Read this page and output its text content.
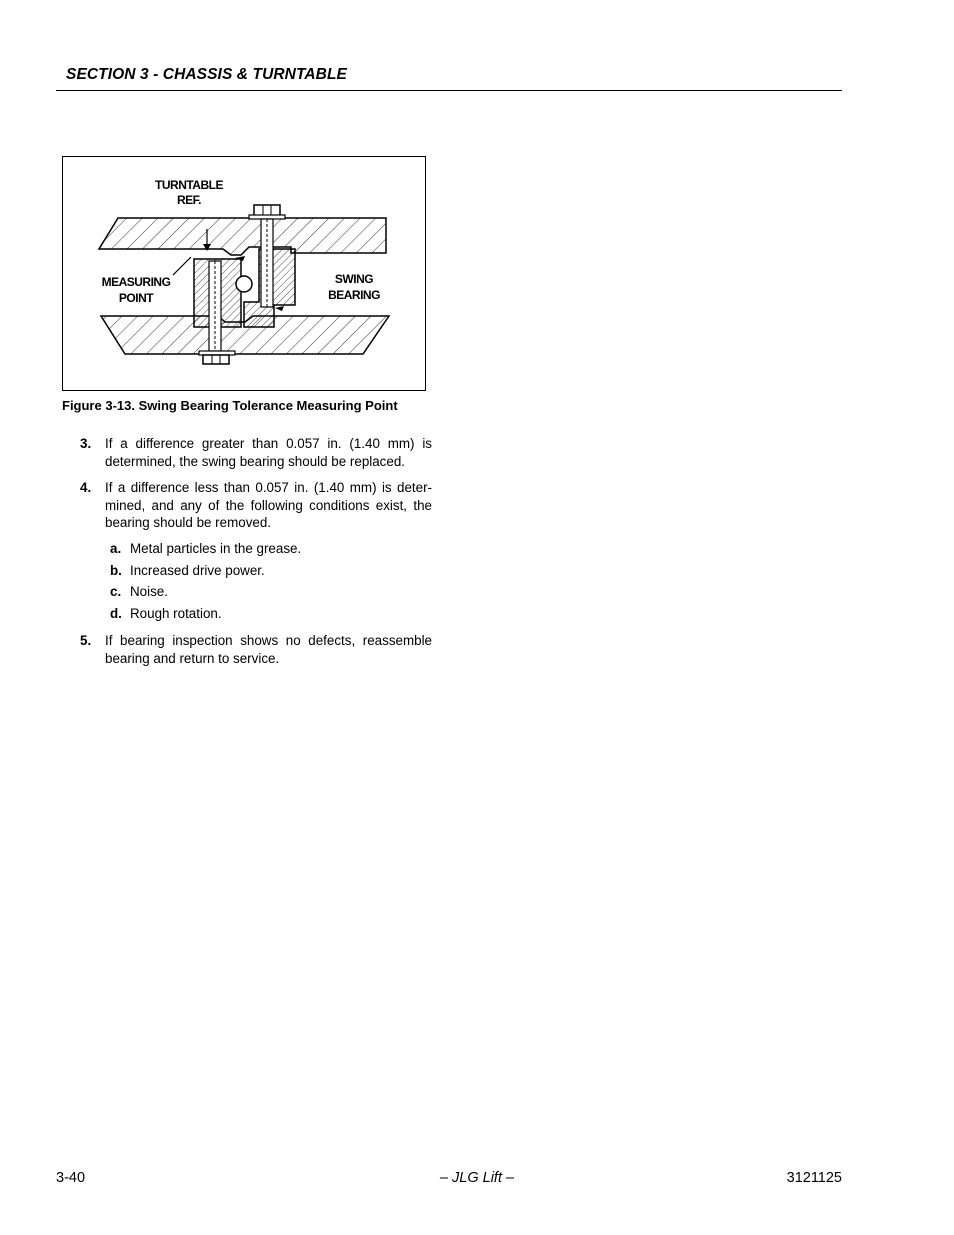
SECTION 3 - CHASSIS & TURNTABLE
TURNTABLE
REF.
MEASURING
POINT
SWING
BEARING
Figure 3-13. Swing Bearing Tolerance Measuring Point
3. If a difference greater than 0.057 in. (1.40 mm) is determined, the swing bearing should be replaced.
4. If a difference less than 0.057 in. (1.40 mm) is deter-mined, and any of the following conditions exist, the bearing should be removed.
a. Metal particles in the grease.
b. Increased drive power.
c. Noise.
d. Rough rotation.
5. If bearing inspection shows no defects, reassemble bearing and return to service.
3-40	– JLG Lift –	3121125
